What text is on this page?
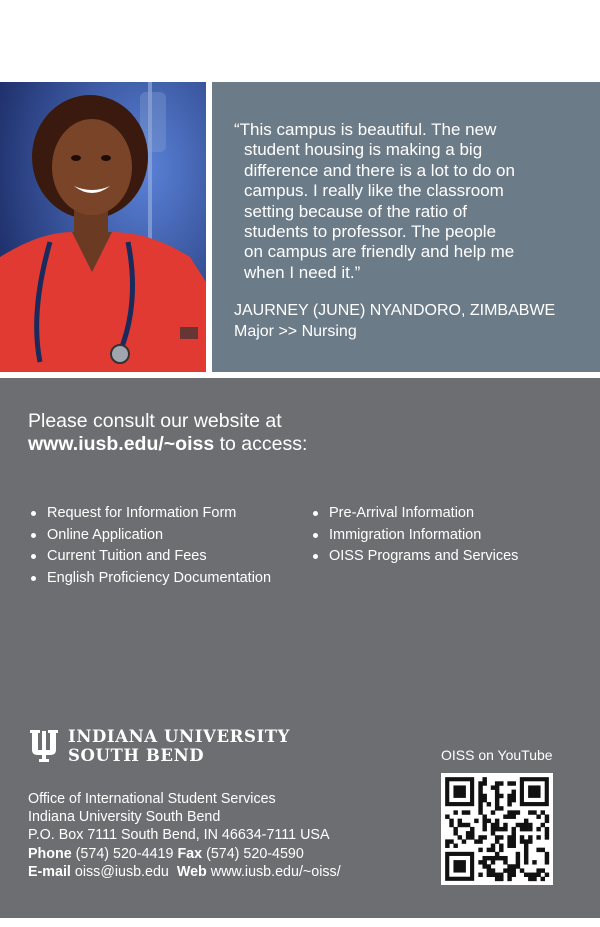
“This campus is beautiful. The new
student housing is making a big
difference and there is a lot to do on
campus. I really like the classroom
setting because of the ratio of
students to professor. The people
on campus are friendly and help me
when I need it.”

JAURNEY (JUNE) NYANDORO, ZIMBABWE
Major >> Nursing
Please consult our website at
www.iusb.edu/~oiss to access:
Request for Information Form
Online Application
Current Tuition and Fees
English Proficiency Documentation
Pre-Arrival Information
Immigration Information
OISS Programs and Services
INDIANA UNIVERSITY
SOUTH BEND	OISS on YouTube
Office of International Student Services
Indiana University South Bend
P.O. Box 7111 South Bend, IN 46634-7111 USA
Phone (574) 520-4419 Fax (574) 520-4590
E-mail oiss@iusb.edu Web www.iusb.edu/~oiss/
